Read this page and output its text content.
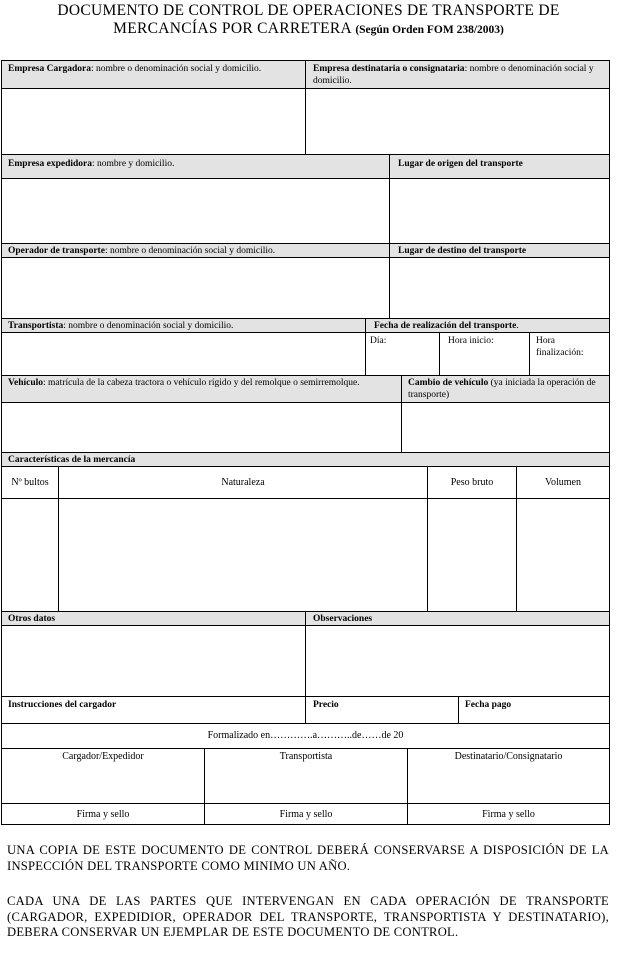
DOCUMENTO DE CONTROL DE OPERACIONES DE TRANSPORTE DE
MERCANCÍAS POR CARRETERA (Según Orden FOM 238/2003)
Empresa Cargadora: nombre o denominación social y domicilio.	Empresa destinataria o consignataria: nombre o denominación social y domicilio.
Empresa expedidora: nombre y domicilio.	Lugar de origen del transporte
Operador de transporte: nombre o denominación social y domicilio.	Lugar de destino del transporte
Transportista: nombre o denominación social y domicilio.	Fecha de realización del transporte.
Día:	Hora inicio:	Hora finalización:
Vehículo: matrícula de la cabeza tractora o vehículo rígido y del remolque o semirremolque.	Cambio de vehículo (ya iniciada la operación de transporte)
Características de la mercancía
Nº bultos	Naturaleza	Peso bruto	Volumen
Otros datos	Observaciones
Instrucciones del cargador	Precio	Fecha pago
Formalizado en………….a………..de……de 20
Cargador/Expedidor	Transportista	Destinatario/Consignatario
Firma y sello	Firma y sello	Firma y sello
UNA COPIA DE ESTE DOCUMENTO DE CONTROL DEBERÁ CONSERVARSE A DISPOSICIÓN DE LA INSPECCIÓN DEL TRANSPORTE COMO MINIMO UN AÑO.
CADA UNA DE LAS PARTES QUE INTERVENGAN EN CADA OPERACIÓN DE TRANSPORTE (CARGADOR, EXPEDIDIOR, OPERADOR DEL TRANSPORTE, TRANSPORTISTA Y DESTINATARIO), DEBERA CONSERVAR UN EJEMPLAR DE ESTE DOCUMENTO DE CONTROL.
